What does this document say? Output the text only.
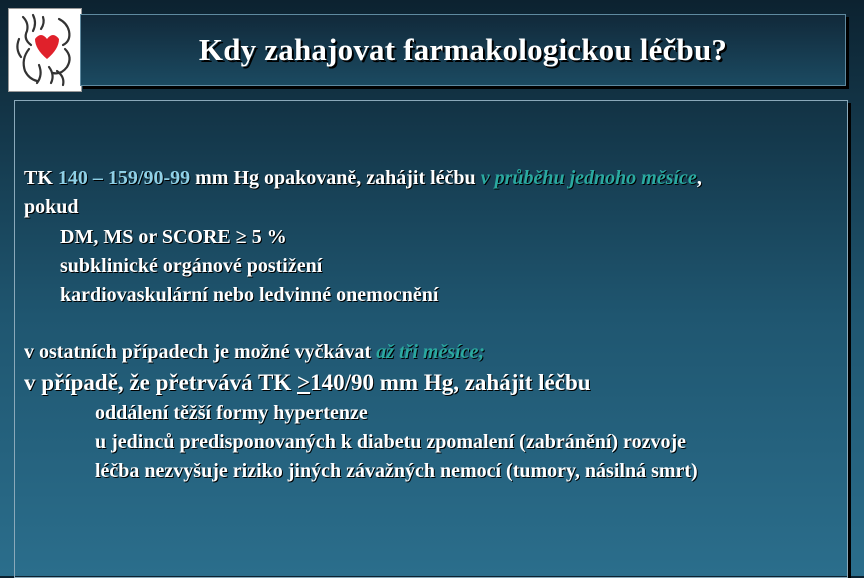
Kdy zahajovat farmakologickou léčbu?
TK 140 – 159/90-99 mm Hg opakovaně, zahájit léčbu v průběhu jednoho měsíce,
pokud
DM, MS or SCORE ≥ 5 %
subklinické orgánové postižení
kardiovaskulární nebo ledvinné onemocnění
v ostatních případech je možné vyčkávat až tři měsíce;
v případě, že přetrvává TK ≥140/90 mm Hg, zahájit léčbu
oddálení těžší formy hypertenze
u jedinců predisponovaných k diabetu zpomalení (zabránění) rozvoje
léčba nezvyšuje riziko jiných závažných nemocí (tumory, násilná smrt)
